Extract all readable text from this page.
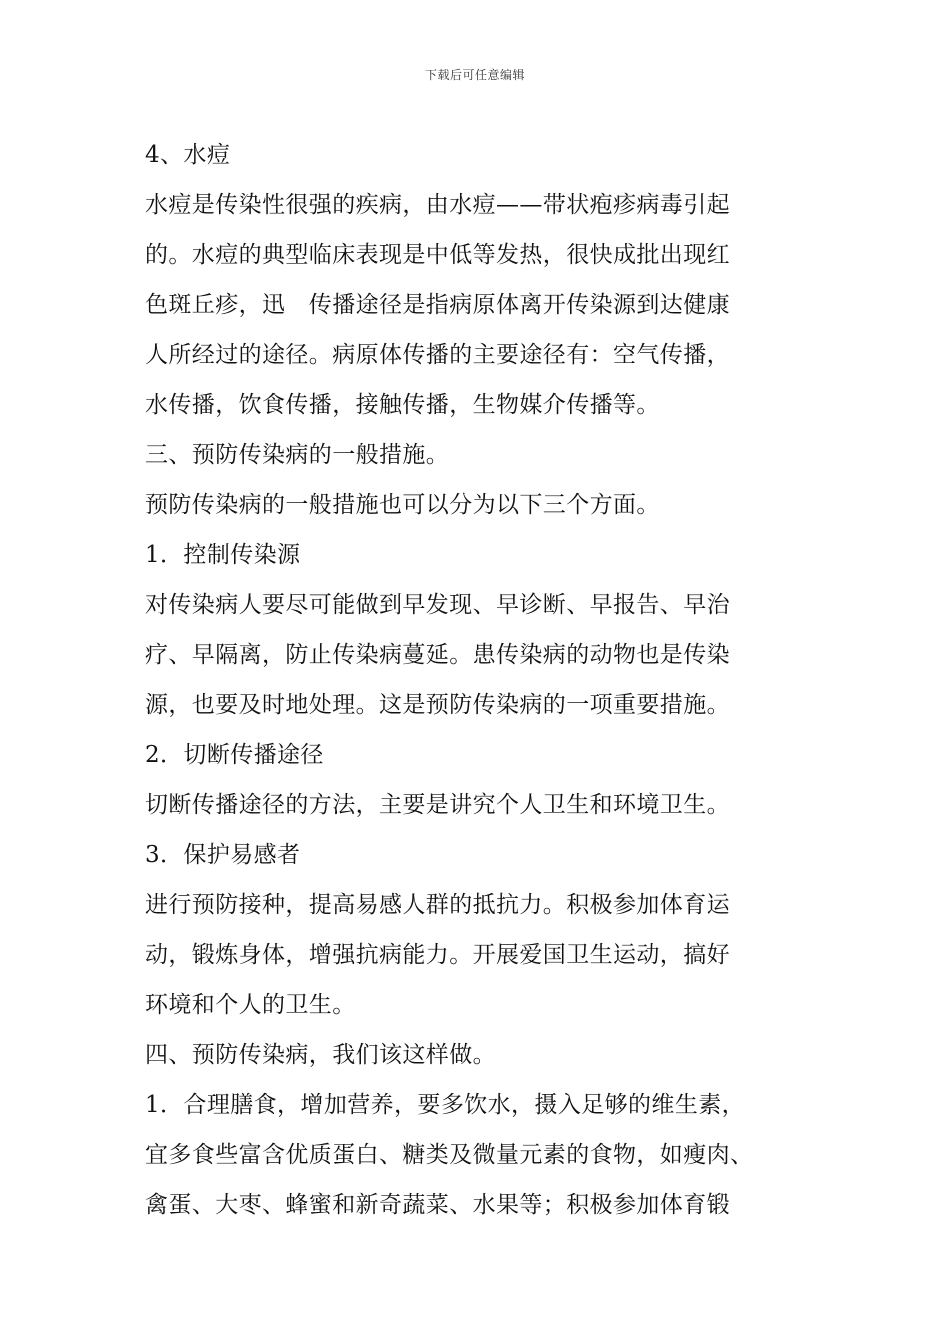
下载后可任意编辑
4、水痘
水痘是传染性很强的疾病，由水痘——带状疱疹病毒引起
的。水痘的典型临床表现是中低等发热，很快成批出现红
色斑丘疹，迅　传播途径是指病原体离开传染源到达健康
人所经过的途径。病原体传播的主要途径有：空气传播，
水传播，饮食传播，接触传播，生物媒介传播等。
三、预防传染病的一般措施。
预防传染病的一般措施也可以分为以下三个方面。
1．控制传染源
对传染病人要尽可能做到早发现、早诊断、早报告、早治
疗、早隔离，防止传染病蔓延。患传染病的动物也是传染
源，也要及时地处理。这是预防传染病的一项重要措施。
2．切断传播途径
切断传播途径的方法，主要是讲究个人卫生和环境卫生。
3．保护易感者
进行预防接种，提高易感人群的抵抗力。积极参加体育运
动，锻炼身体，增强抗病能力。开展爱国卫生运动，搞好
环境和个人的卫生。
四、预防传染病，我们该这样做。
1．合理膳食，增加营养，要多饮水，摄入足够的维生素，
宜多食些富含优质蛋白、糖类及微量元素的食物，如瘦肉、
禽蛋、大枣、蜂蜜和新奇蔬菜、水果等；积极参加体育锻
